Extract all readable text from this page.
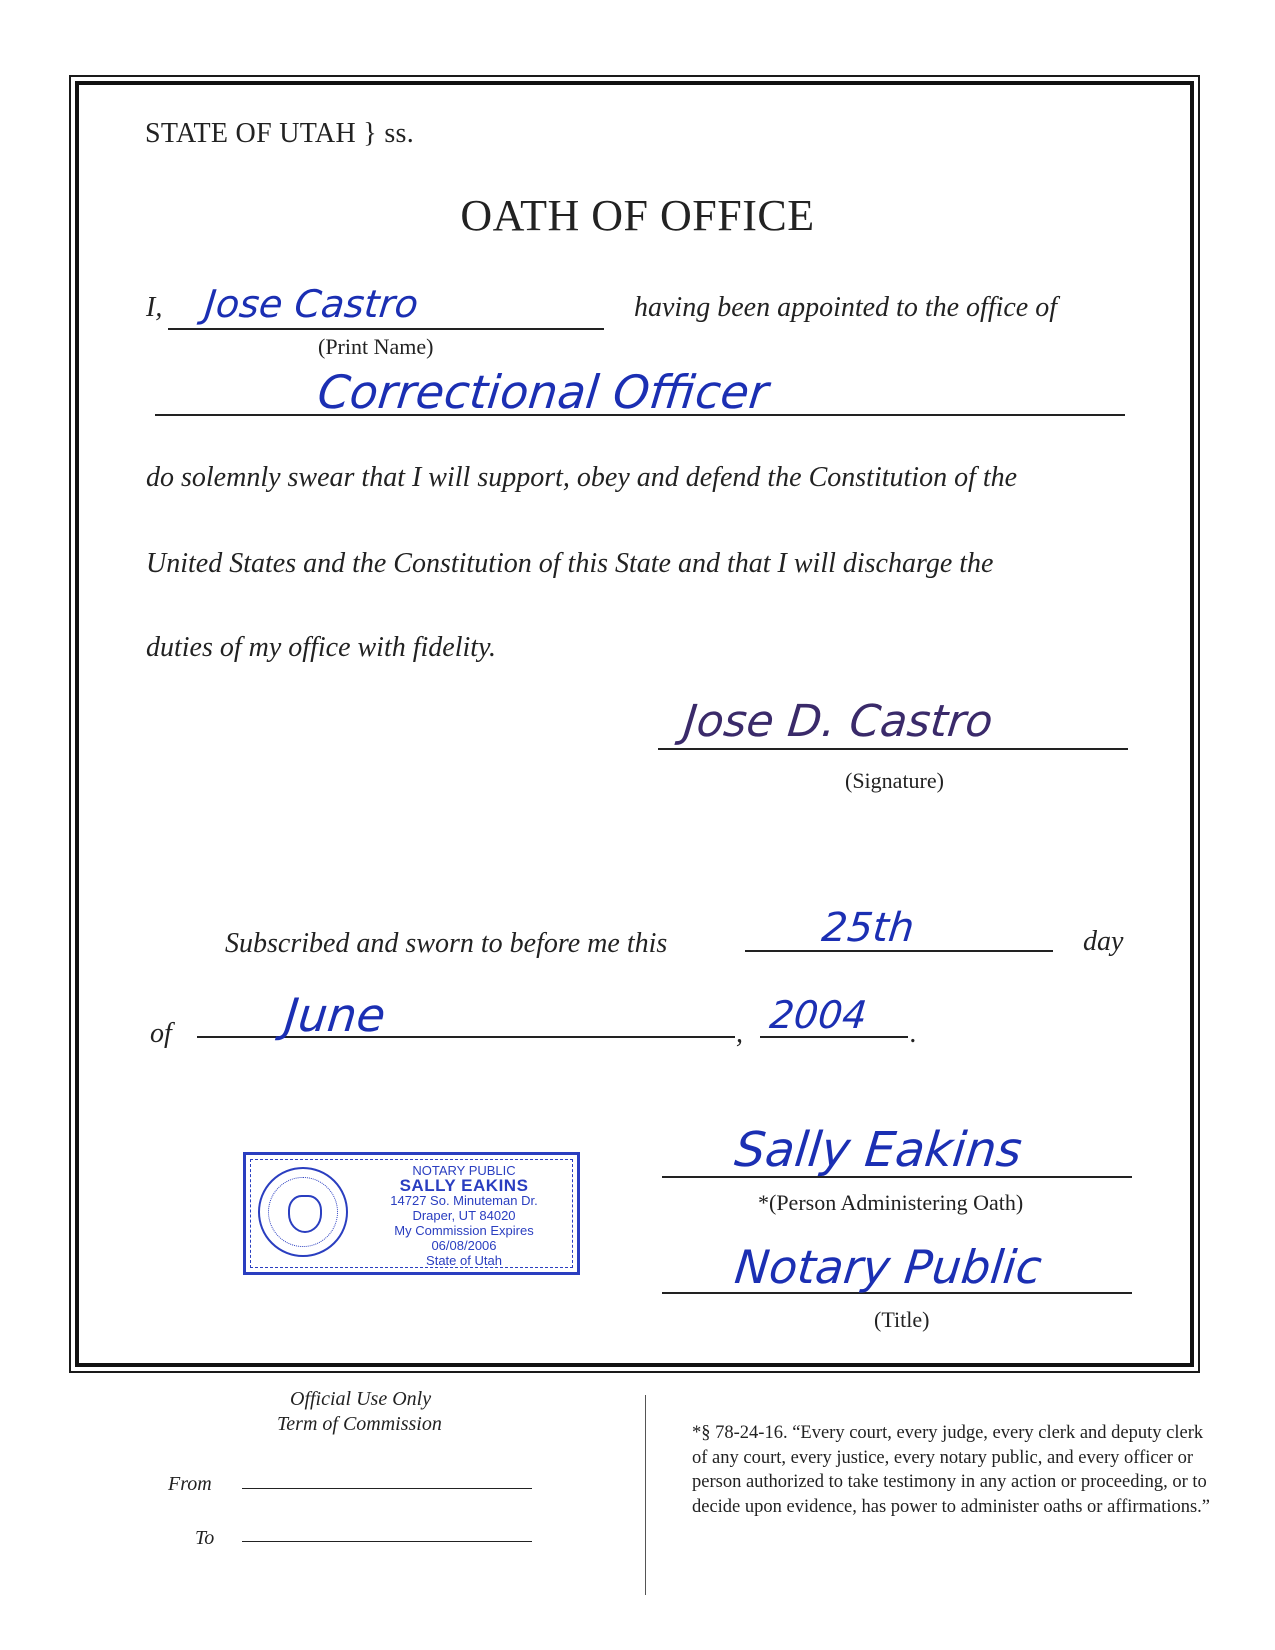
STATE OF UTAH } ss.
OATH OF OFFICE
I, Jose Castro	having been appointed to the office of
(Print Name)
Correctional Officer
do solemnly swear that I will support, obey and defend the Constitution of the
United States and the Constitution of this State and that I will discharge the
duties of my office with fidelity.
Jose D. Castro
(Signature)
Subscribed and sworn to before me this	25th	day
of June	, 2004 .
NOTARY PUBLIC
SALLY EAKINS
14727 So. Minuteman Dr.
Draper, UT 84020
My Commission Expires 06/08/2006
State of Utah
Sally Eakins
*(Person Administering Oath)
Notary Public
(Title)
Official Use Only
Term of Commission
From
To
*§ 78-24-16. “Every court, every judge, every clerk and deputy clerk of any court, every justice, every notary public, and every officer or person authorized to take testimony in any action or proceeding, or to decide upon evidence, has power to administer oaths or affirmations.”
